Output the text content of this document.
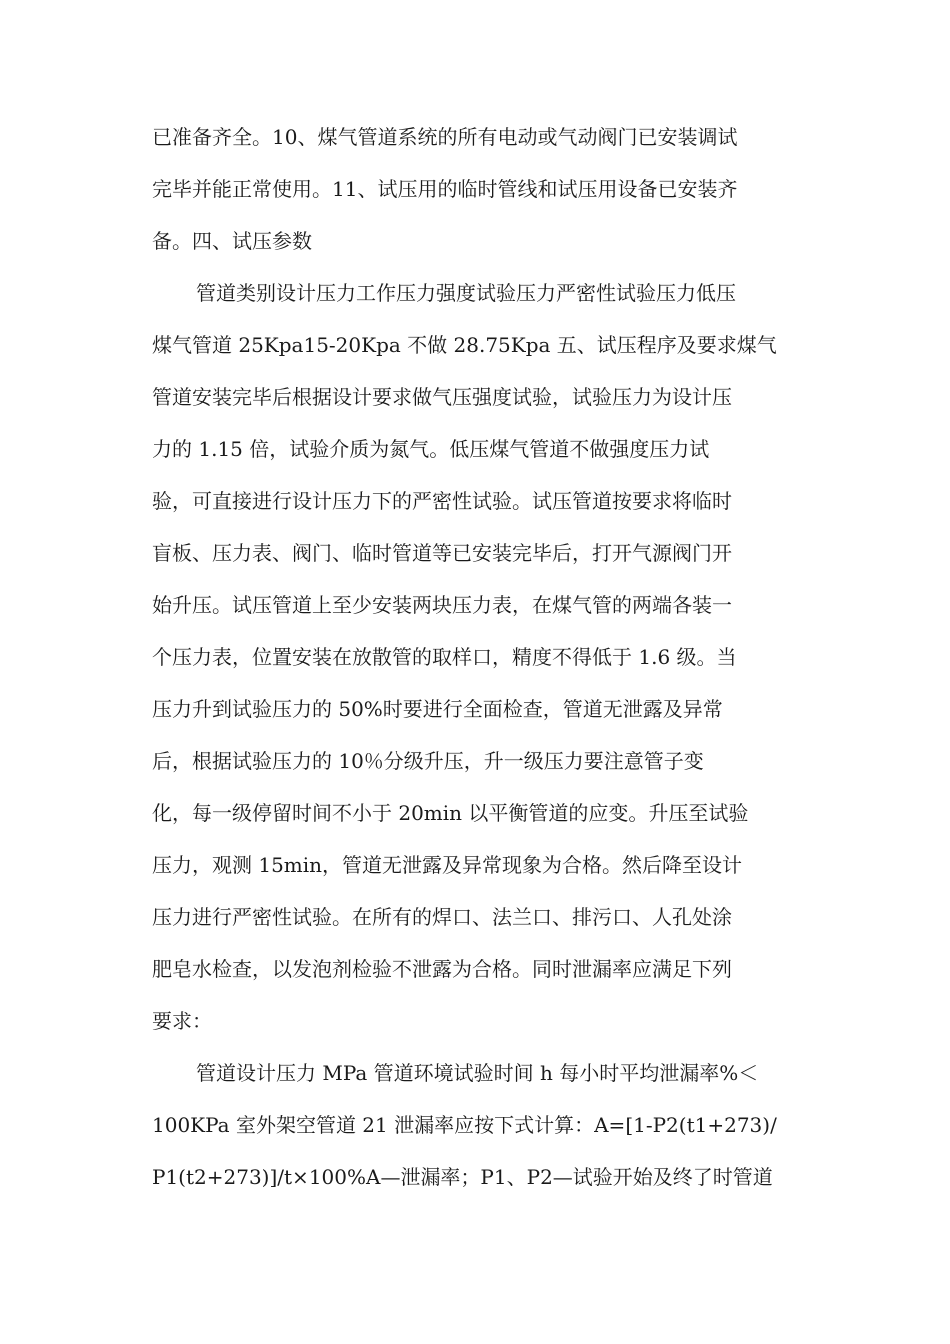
已准备齐全。10、煤气管道系统的所有电动或气动阀门已安装调试
完毕并能正常使用。11、试压用的临时管线和试压用设备已安装齐
备。四、试压参数
管道类别设计压力工作压力强度试验压力严密性试验压力低压
煤气管道 25Kpa15-20Kpa 不做 28.75Kpa 五、试压程序及要求煤气
管道安装完毕后根据设计要求做气压强度试验，试验压力为设计压
力的 1.15 倍，试验介质为氮气。低压煤气管道不做强度压力试
验，可直接进行设计压力下的严密性试验。试压管道按要求将临时
盲板、压力表、阀门、临时管道等已安装完毕后，打开气源阀门开
始升压。试压管道上至少安装两块压力表，在煤气管的两端各装一
个压力表，位置安装在放散管的取样口，精度不得低于 1.6 级。当
压力升到试验压力的 50%时要进行全面检查，管道无泄露及异常
后，根据试验压力的 10％分级升压，升一级压力要注意管子变
化，每一级停留时间不小于 20min 以平衡管道的应变。升压至试验
压力，观测 15min，管道无泄露及异常现象为合格。然后降至设计
压力进行严密性试验。在所有的焊口、法兰口、排污口、人孔处涂
肥皂水检查，以发泡剂检验不泄露为合格。同时泄漏率应满足下列
要求：
管道设计压力 MPa 管道环境试验时间 h 每小时平均泄漏率%＜
100KPa 室外架空管道 21 泄漏率应按下式计算：A=[1-P2(t1+273)/
P1(t2+273)]/t×100%A—泄漏率；P1、P2—试验开始及终了时管道
